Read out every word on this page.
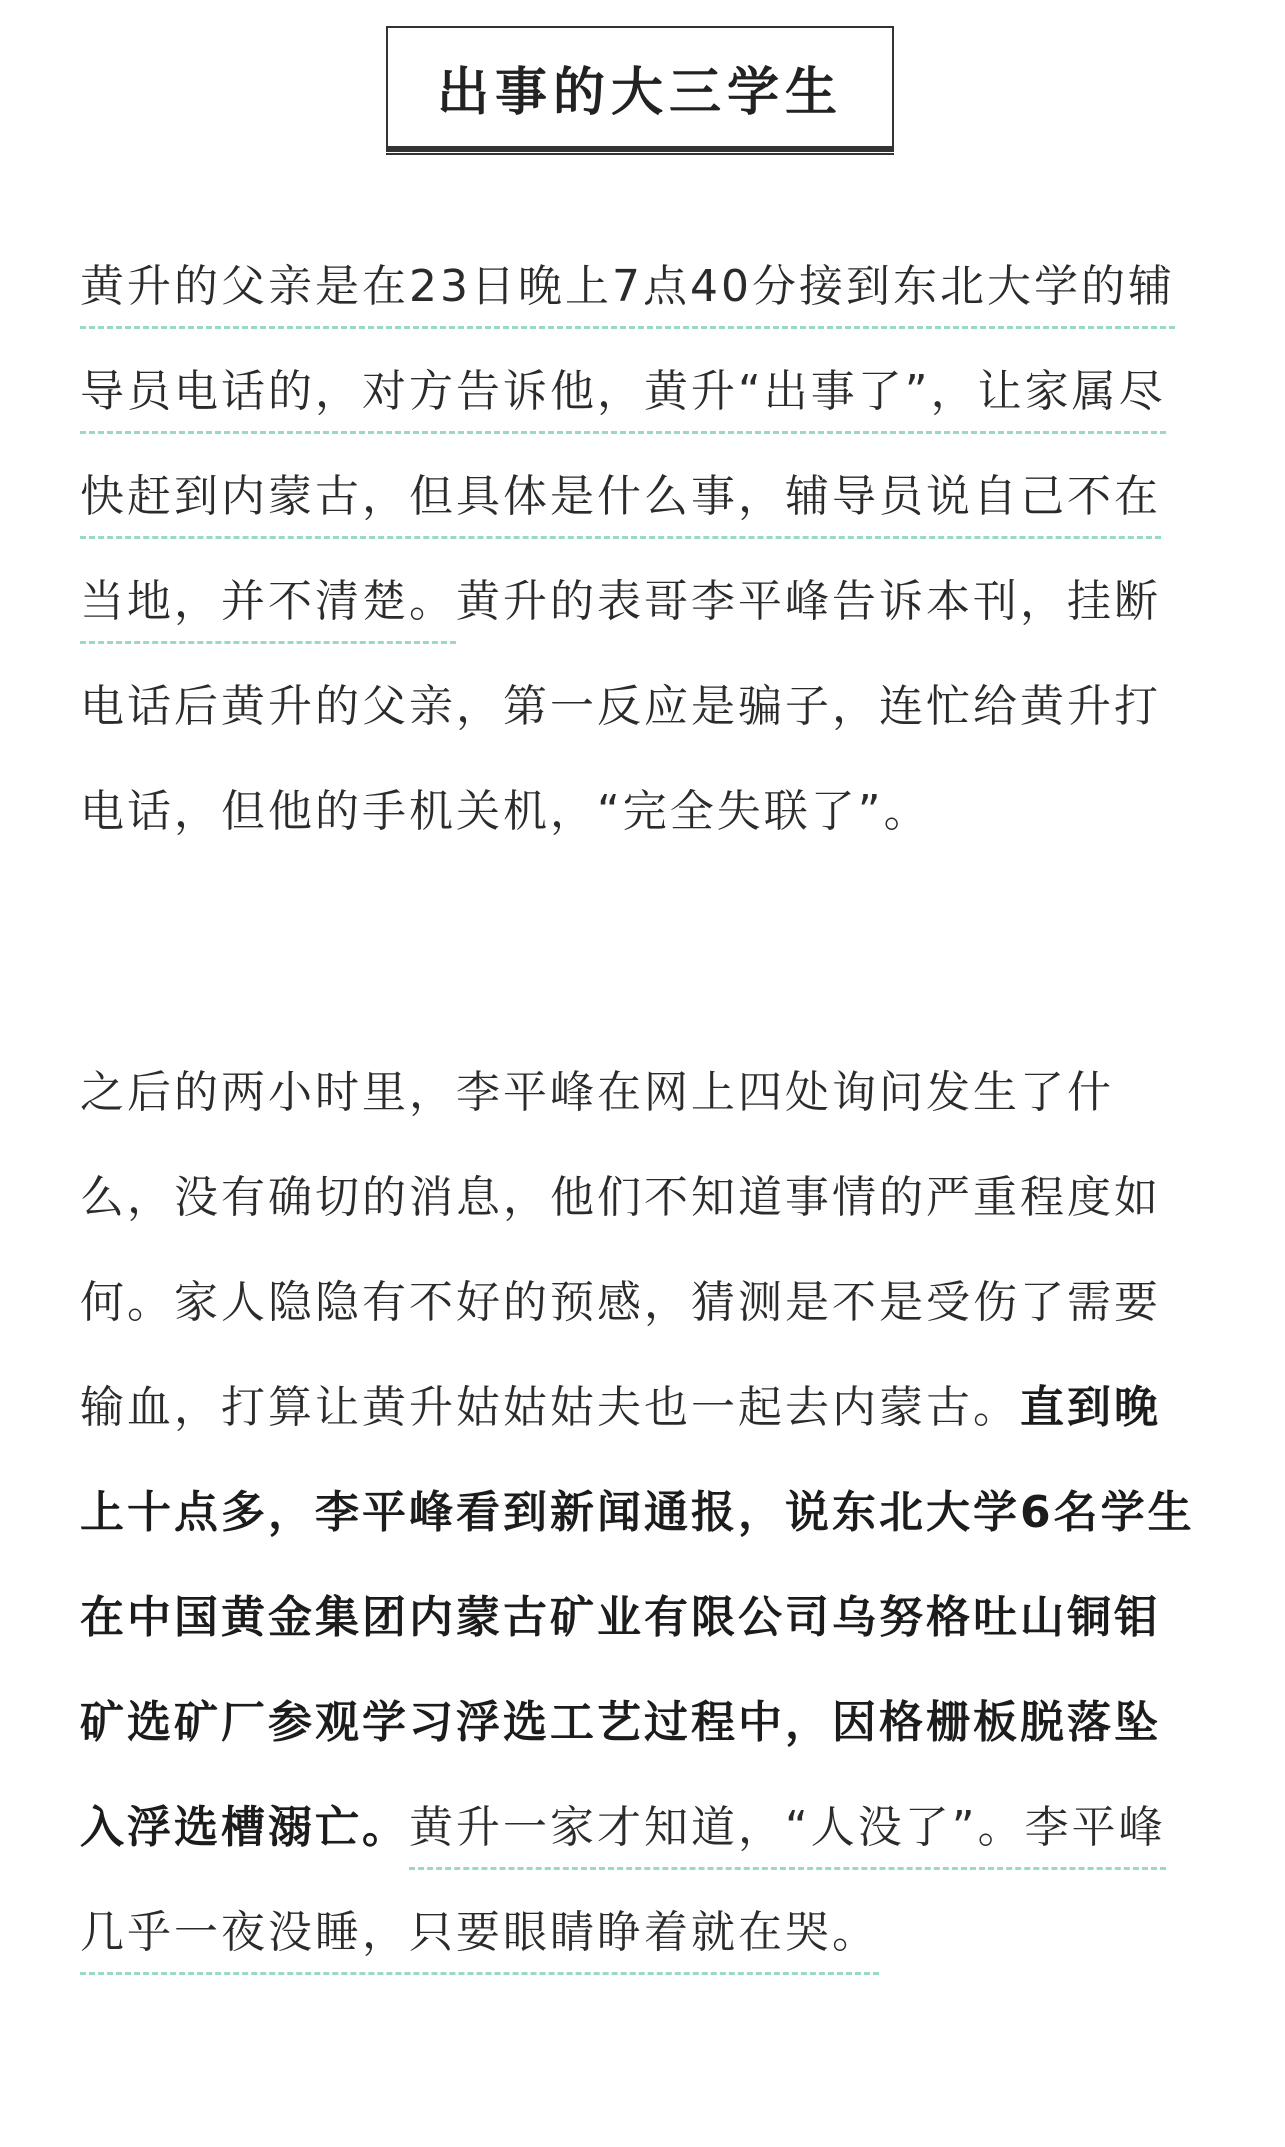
出事的大三学生
黄升的父亲是在23日晚上7点40分接到东北大学的辅导员电话的，对方告诉他，黄升“出事了”，让家属尽快赶到内蒙古，但具体是什么事，辅导员说自己不在当地，并不清楚。黄升的表哥李平峰告诉本刊，挂断电话后黄升的父亲，第一反应是骗子，连忙给黄升打电话，但他的手机关机，“完全失联了”。
之后的两小时里，李平峰在网上四处询问发生了什么，没有确切的消息，他们不知道事情的严重程度如何。家人隐隐有不好的预感，猜测是不是受伤了需要输血，打算让黄升姑姑姑夫也一起去内蒙古。直到晚上十点多，李平峰看到新闻通报，说东北大学6名学生在中国黄金集团内蒙古矿业有限公司乌努格吐山铜钼矿选矿厂参观学习浮选工艺过程中，因格栅板脱落坠入浮选槽溺亡。黄升一家才知道，“人没了”。李平峰几乎一夜没睡，只要眼睛睁着就在哭。
